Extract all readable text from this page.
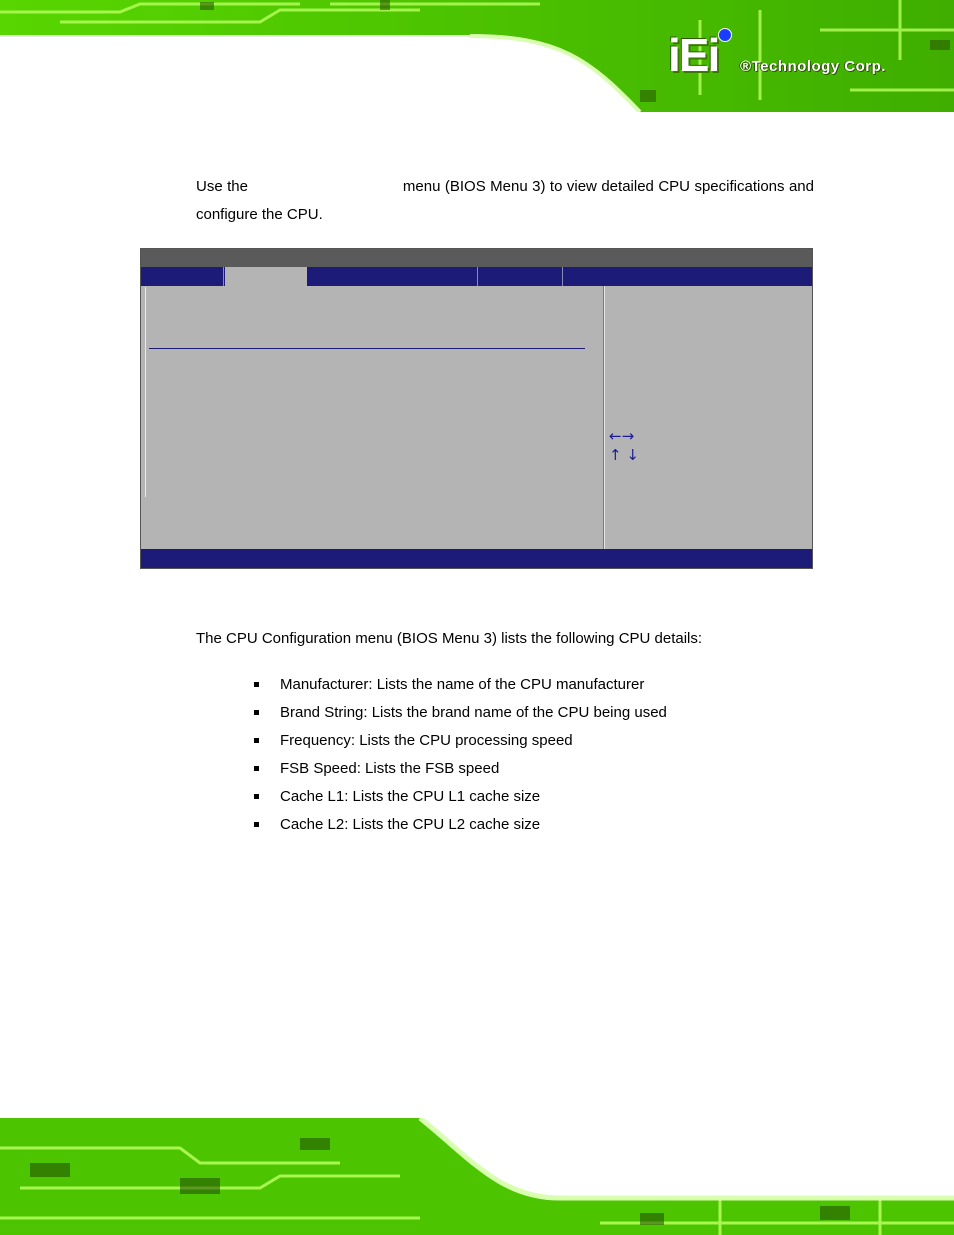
iEi ®Technology Corp.
Use the	menu (BIOS Menu 3) to view detailed CPU specifications and configure the CPU.
←→
↑ ↓
The CPU Configuration menu (BIOS Menu 3) lists the following CPU details:
Manufacturer: Lists the name of the CPU manufacturer
Brand String: Lists the brand name of the CPU being used
Frequency: Lists the CPU processing speed
FSB Speed: Lists the FSB speed
Cache L1: Lists the CPU L1 cache size
Cache L2: Lists the CPU L2 cache size
